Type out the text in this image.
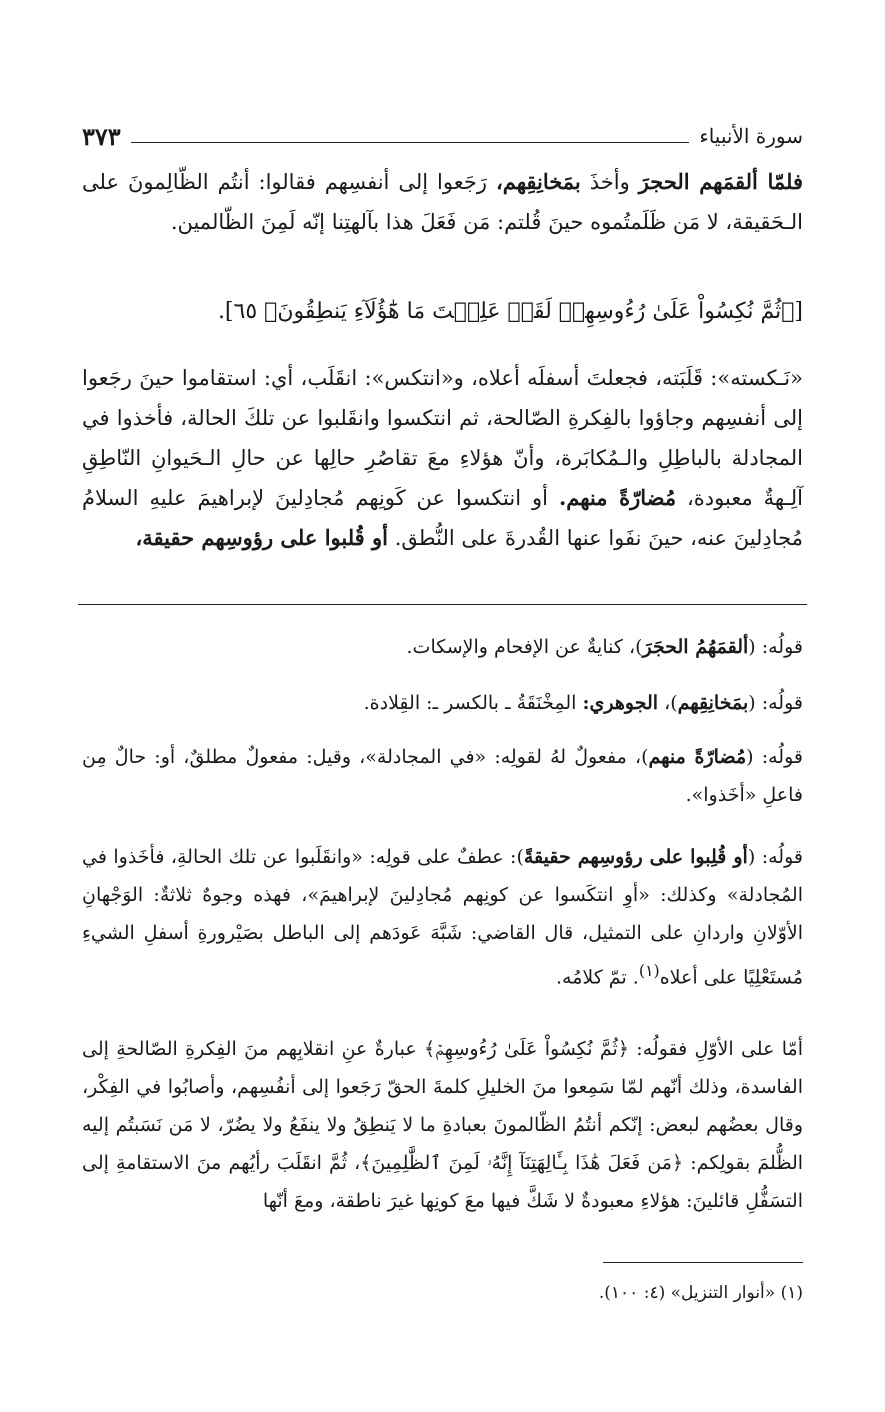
سورة الأنبياء
٣٧٣

فلمّا ألقمَهم الحجرَ وأخذَ بمَخانِقِهم، رَجَعوا إلى أنفسِهم فقالوا: أنتُم الظّالِمونَ على الـحَقيقة، لا مَن ظَلَمتُموه حينَ قُلتم: مَن فَعَلَ هذا بآلهتِنا إنّه لَمِنَ الظّالمين.

[﴿ثُمَّ نُكِسُواْ عَلَىٰ رُءُوسِهِمۡ لَقَدۡ عَلِمۡتَ مَا هَٰٓؤُلَآءِ يَنطِقُونَ﴾ ٦٥].

«نَـكسته»: قَلَبَته، فجعلتَ أسفلَه أعلاه، و«انتكس»: انقَلَب، أي: استقاموا حينَ رجَعوا إلى أنفسِهم وجاؤوا بالفِكرةِ الصّالحة، ثم انتكسوا وانقَلبوا عن تلكَ الحالة، فأخذوا في المجادلة بالباطِلِ والـمُكابَرة، وأنّ هؤلاءِ معَ تقاصُرِ حالِها عن حالِ الـحَيوانِ النّاطِقِ آلِـهةٌ معبودة، مُضارّةً منهم. أو انتكسوا عن كَونِهم مُجادِلينَ لإبراهيمَ عليهِ السلامُ مُجادِلينَ عنه، حينَ نفَوا عنها القُدرةَ على النُّطق. أو قُلبوا على رؤوسِهم حقيقة،

قولُه: (ألقمَهُمُ الحجَرَ)، كنايةٌ عن الإفحام والإسكات.

قولُه: (بمَخانِقِهم)، الجوهري: المِخْنَقَةُ ـ بالكسر ـ: القِلادة.

قولُه: (مُضارّةً منهم)، مفعولٌ لهُ لقولِه: «في المجادلة»، وقيل: مفعولٌ مطلقٌ، أو: حالٌ مِن فاعلِ «أخَذوا».

قولُه: (أو قُلِبوا على رؤوسِهم حقيقةً): عطفٌ على قولِه: «وانقَلَبوا عن تلك الحالةِ، فأخَذوا في المُجادلة» وكذلك: «أوِ انتكَسوا عن كونِهم مُجادِلينَ لإبراهيمَ»، فهذه وجوهٌ ثلاثةٌ: الوَجْهانِ الأوّلانِ واردانِ على التمثيل، قال القاضي: شَبَّهَ عَودَهم إلى الباطل بصَيْرورةِ أسفلِ الشيءِ مُستَعْلِيًا على أعلاه$^{(١)}$. تمّ كلامُه.

أمّا على الأوّلِ فقولُه: ﴿ثُمَّ نُكِسُواْ عَلَىٰ رُءُوسِهِمۡ﴾ عبارةٌ عنِ انقلابِهم منَ الفِكرةِ الصّالحةِ إلى الفاسدة، وذلك أنّهم لمّا سَمِعوا منَ الخليلِ كلمةَ الحقّ رَجَعوا إلى أنفُسِهم، وأصابُوا في الفِكْر، وقال بعضُهم لبعض: إنّكم أنتُمُ الظّالمونَ بعبادةِ ما لا يَنطِقُ ولا ينفَعُ ولا يضُرّ، لا مَن نَسَبتُم إليه الظُّلمَ بقولِكم: ﴿مَن فَعَلَ هَٰذَا بِـَٔالِهَتِنَآ إِنَّهُۥ لَمِنَ ٱلظَّٰلِمِينَ﴾، ثُمَّ انقَلَبَ رأيُهم منَ الاستقامةِ إلى التسَفُّلِ قائلينَ: هؤلاءِ معبودةٌ لا شَكَّ فيها معَ كونِها غيرَ ناطقة، ومعَ أنّها

(١) «أنوار التنزيل» (٤: ١٠٠).
